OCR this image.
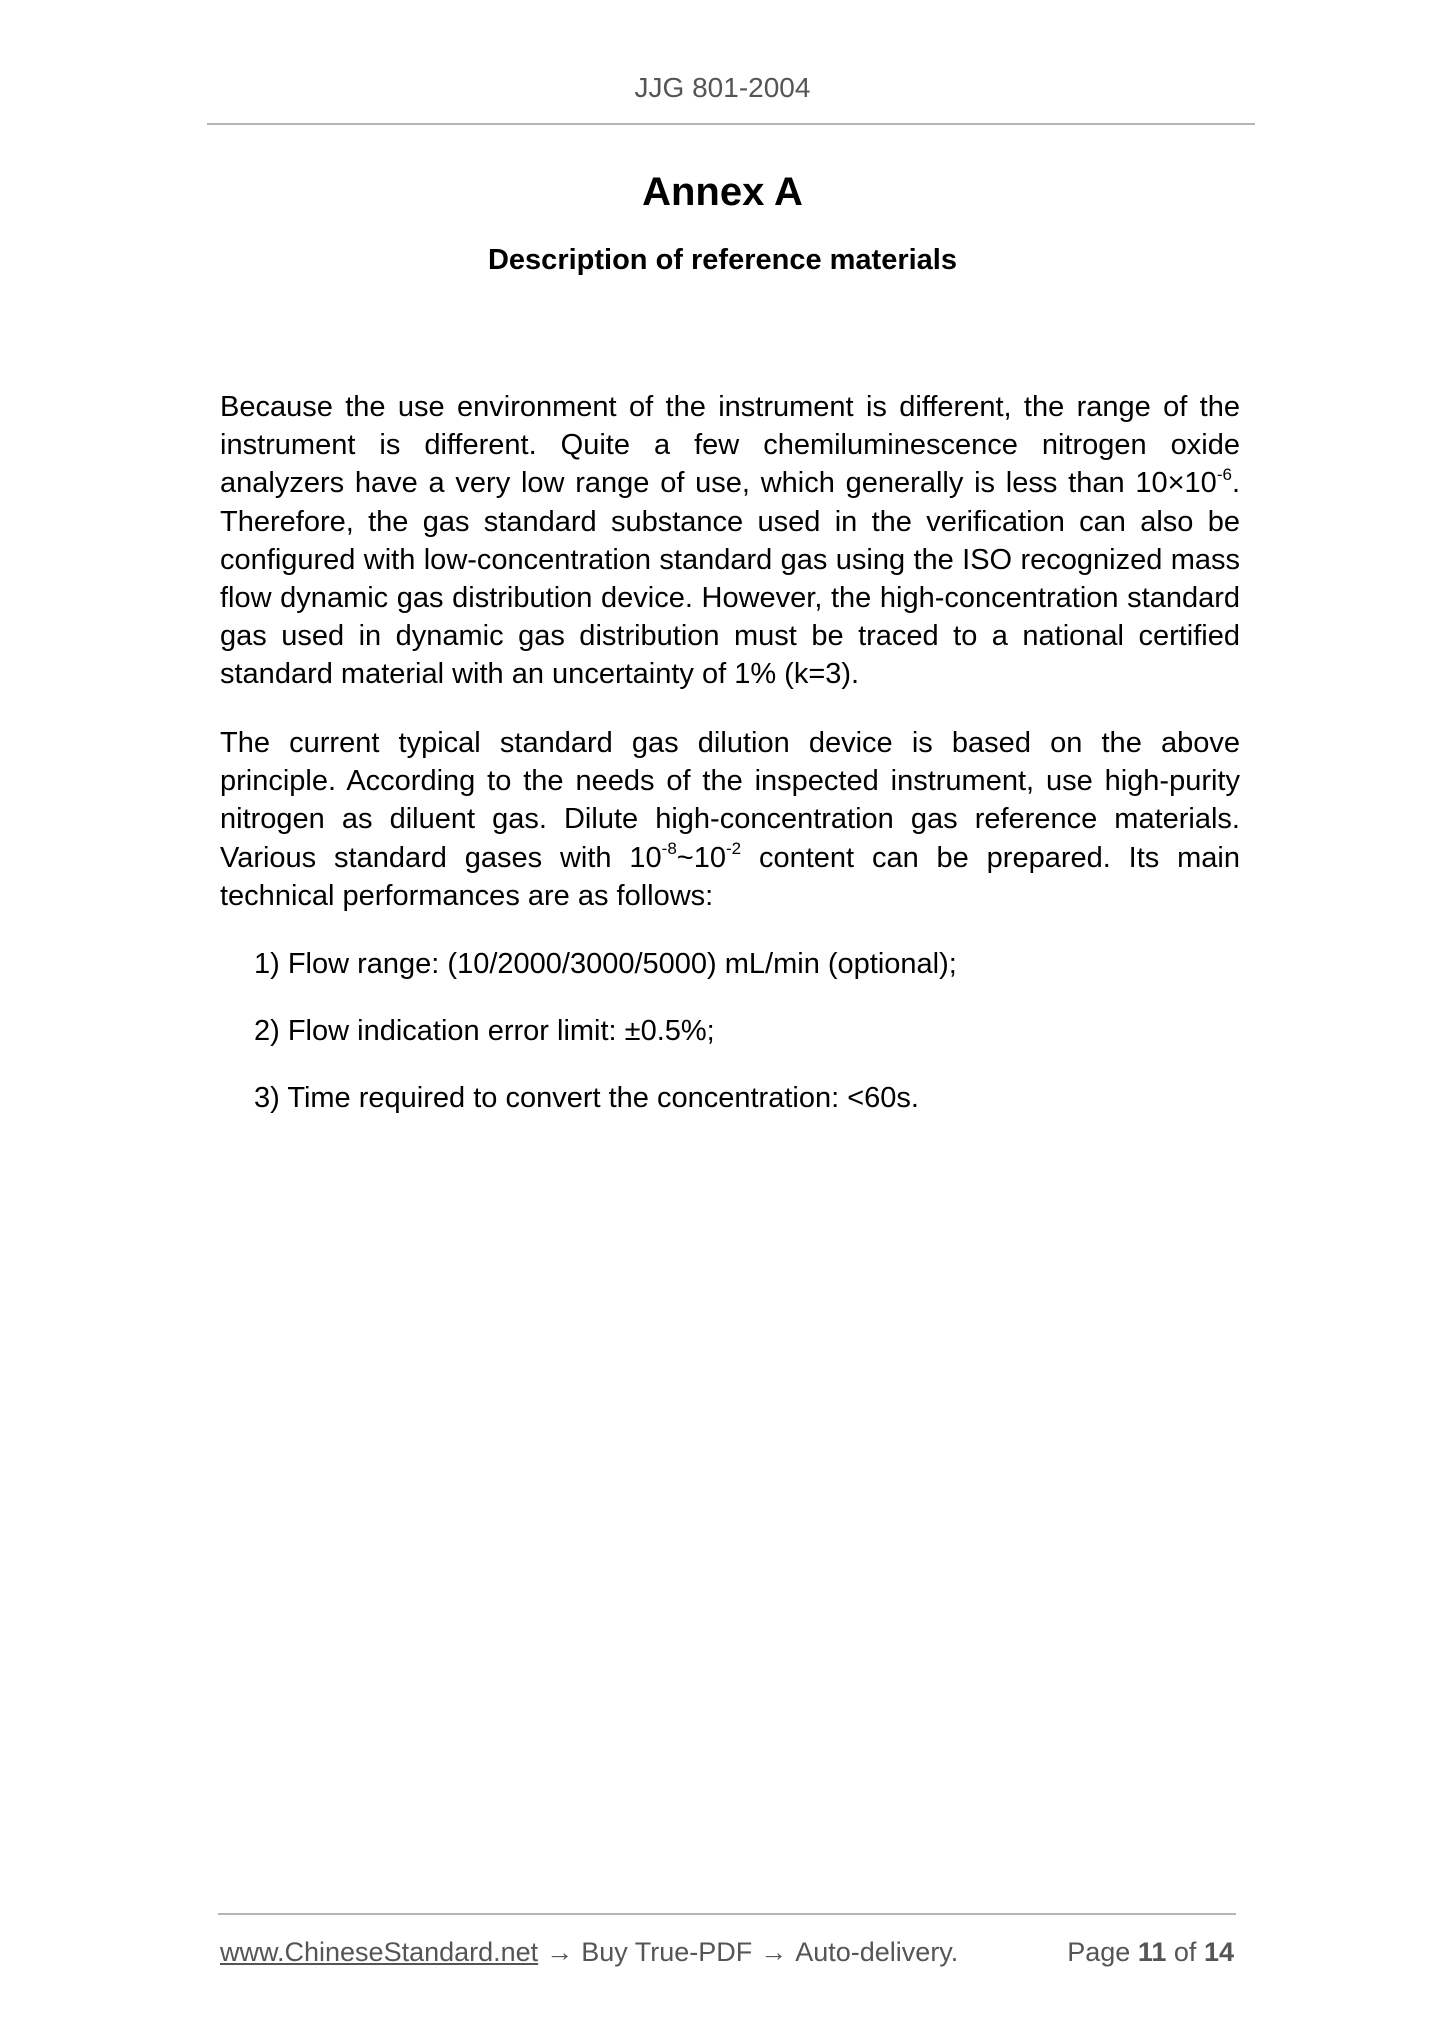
JJG 801-2004
Annex A
Description of reference materials

Because the use environment of the instrument is different, the range of the instrument is different. Quite a few chemiluminescence nitrogen oxide analyzers have a very low range of use, which generally is less than $10\times 10^{-6}$. Therefore, the gas standard substance used in the verification can also be configured with low-concentration standard gas using the ISO recognized mass flow dynamic gas distribution device. However, the high-concentration standard gas used in dynamic gas distribution must be traced to a national certified standard material with an uncertainty of 1% (k=3).

The current typical standard gas dilution device is based on the above principle. According to the needs of the inspected instrument, use high-purity nitrogen as diluent gas. Dilute high-concentration gas reference materials. Various standard gases with $10^{-8}\sim 10^{-2}$ content can be prepared. Its main technical performances are as follows:

1) Flow range: (10/2000/3000/5000) mL/min (optional);
2) Flow indication error limit: ±0.5%;
3) Time required to convert the concentration: <60s.
www.ChineseStandard.net → Buy True-PDF → Auto-delivery.	Page 11 of 14
